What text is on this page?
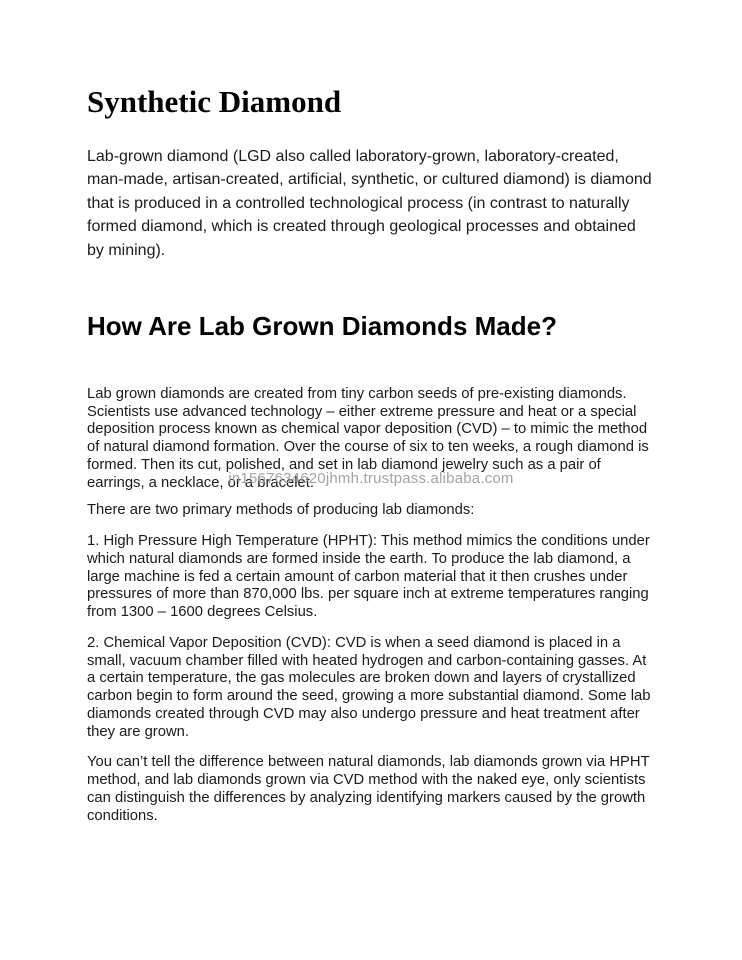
Synthetic Diamond

Lab-grown diamond (LGD also called laboratory-grown, laboratory-created, man-made, artisan-created, artificial, synthetic, or cultured diamond) is diamond that is produced in a controlled technological process (in contrast to naturally formed diamond, which is created through geological processes and obtained by mining).

How Are Lab Grown Diamonds Made?

Lab grown diamonds are created from tiny carbon seeds of pre-existing diamonds. Scientists use advanced technology – either extreme pressure and heat or a special deposition process known as chemical vapor deposition (CVD) – to mimic the method of natural diamond formation. Over the course of six to ten weeks, a rough diamond is formed. Then its cut, polished, and set in lab diamond jewelry such as a pair of earrings, a necklace, or a bracelet.

There are two primary methods of producing lab diamonds:

1. High Pressure High Temperature (HPHT): This method mimics the conditions under which natural diamonds are formed inside the earth. To produce the lab diamond, a large machine is fed a certain amount of carbon material that it then crushes under pressures of more than 870,000 lbs. per square inch at extreme temperatures ranging from 1300 – 1600 degrees Celsius.

2. Chemical Vapor Deposition (CVD): CVD is when a seed diamond is placed in a small, vacuum chamber filled with heated hydrogen and carbon-containing gasses. At a certain temperature, the gas molecules are broken down and layers of crystallized carbon begin to form around the seed, growing a more substantial diamond. Some lab diamonds created through CVD may also undergo pressure and heat treatment after they are grown.

You can’t tell the difference between natural diamonds, lab diamonds grown via HPHT method, and lab diamonds grown via CVD method with the naked eye, only scientists can distinguish the differences by analyzing identifying markers caused by the growth conditions.

in1567634620jhmh.trustpass.alibaba.com
